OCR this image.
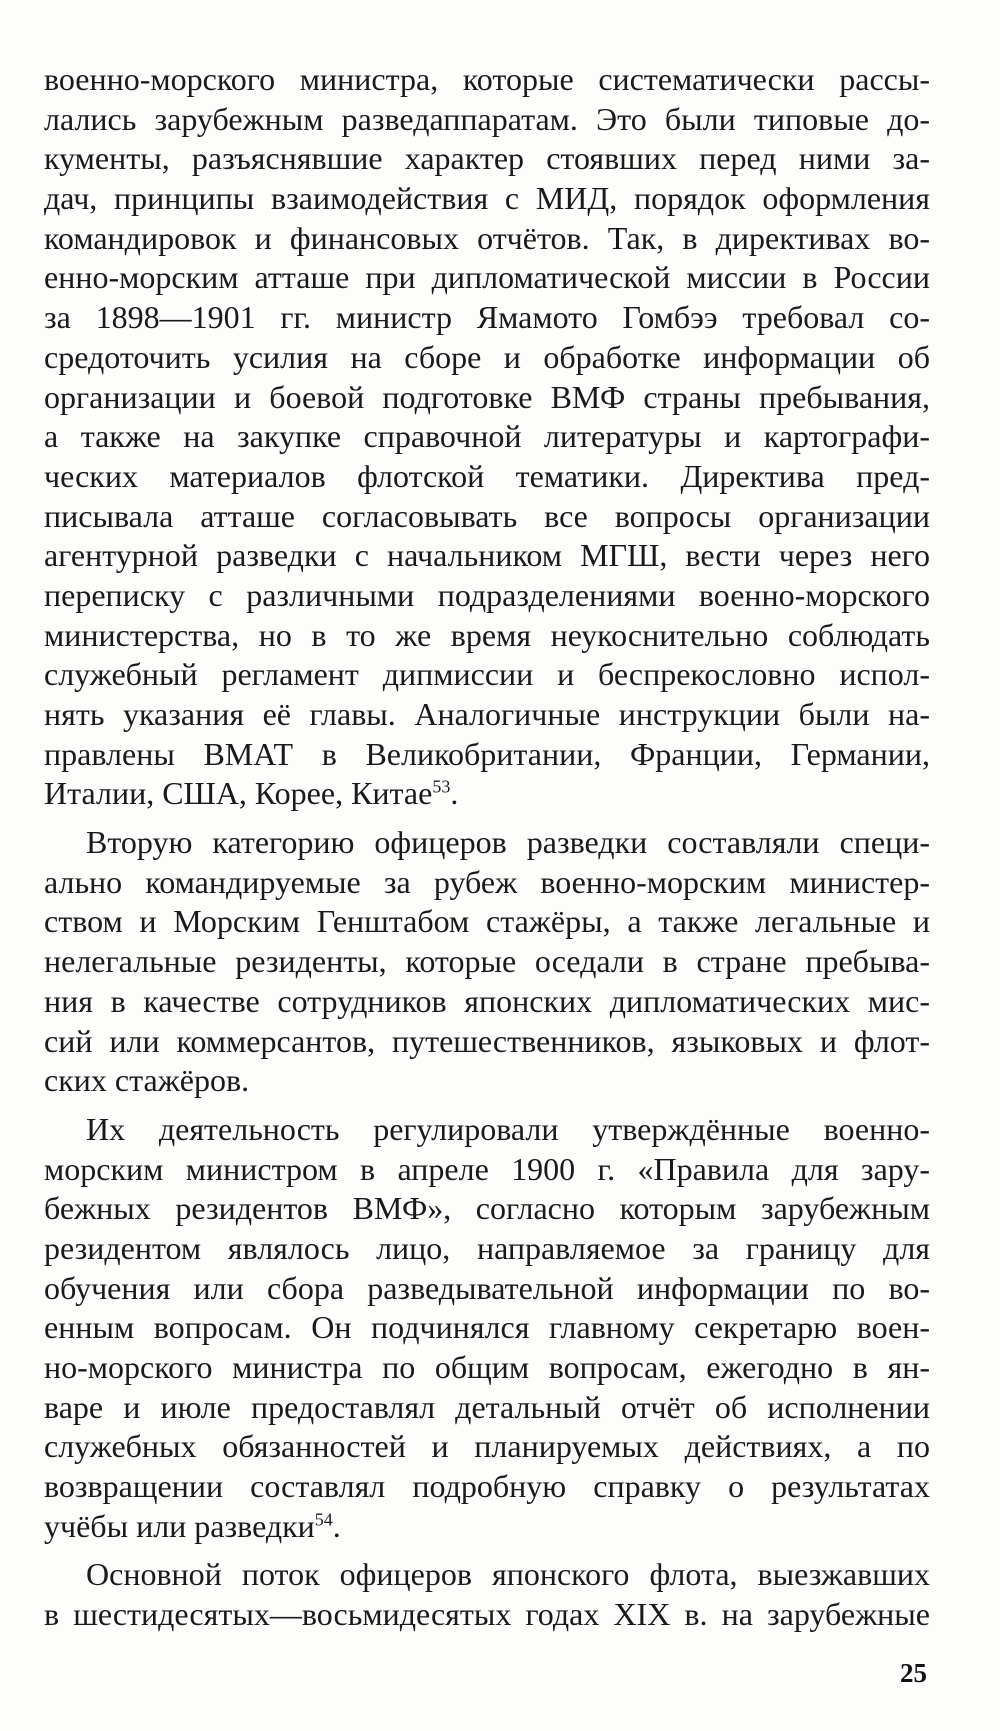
военно-морского министра, которые систематически рассы-
лались зарубежным разведаппаратам. Это были типовые до-
кументы, разъяснявшие характер стоявших перед ними за-
дач, принципы взаимодействия с МИД, порядок оформления
командировок и финансовых отчётов. Так, в директивах во-
енно-морским атташе при дипломатической миссии в России
за 1898—1901 гг. министр Ямамото Гомбээ требовал со-
средоточить усилия на сборе и обработке информации об
организации и боевой подготовке ВМФ страны пребывания,
а также на закупке справочной литературы и картографи-
ческих материалов флотской тематики. Директива пред-
писывала атташе согласовывать все вопросы организации
агентурной разведки с начальником МГШ, вести через него
переписку с различными подразделениями военно-морского
министерства, но в то же время неукоснительно соблюдать
служебный регламент дипмиссии и беспрекословно испол-
нять указания её главы. Аналогичные инструкции были на-
правлены ВМАТ в Великобритании, Франции, Германии,
Италии, США, Корее, Китае$^{53}$.
Вторую категорию офицеров разведки составляли специ-
ально командируемые за рубеж военно-морским министер-
ством и Морским Генштабом стажёры, а также легальные и
нелегальные резиденты, которые оседали в стране пребыва-
ния в качестве сотрудников японских дипломатических мис-
сий или коммерсантов, путешественников, языковых и флот-
ских стажёров.
Их деятельность регулировали утверждённые военно-
морским министром в апреле 1900 г. «Правила для зару-
бежных резидентов ВМФ», согласно которым зарубежным
резидентом являлось лицо, направляемое за границу для
обучения или сбора разведывательной информации по во-
енным вопросам. Он подчинялся главному секретарю воен-
но-морского министра по общим вопросам, ежегодно в ян-
варе и июле предоставлял детальный отчёт об исполнении
служебных обязанностей и планируемых действиях, а по
возвращении составлял подробную справку о результатах
учёбы или разведки$^{54}$.
Основной поток офицеров японского флота, выезжавших
в шестидесятых—восьмидесятых годах XIX в. на зарубежные
25
